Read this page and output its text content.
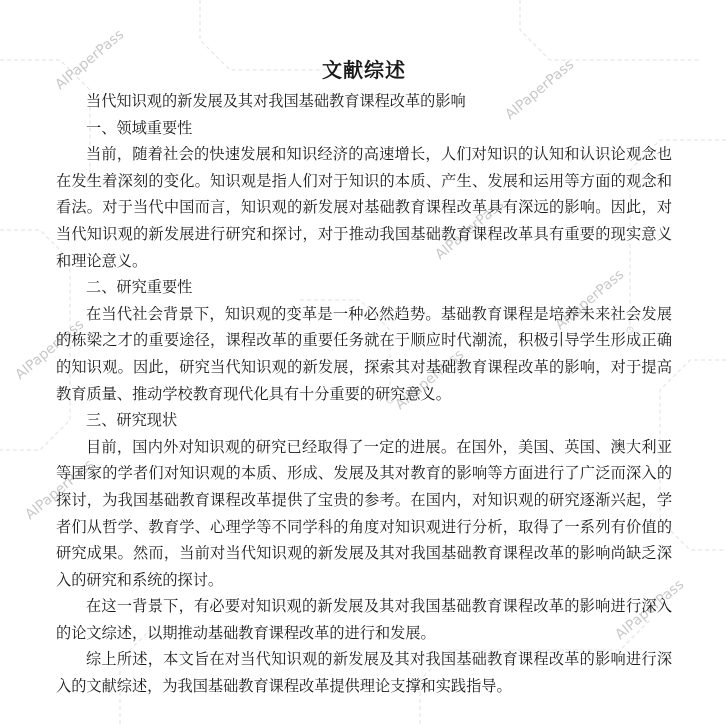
AIPaperPass
AIPaperPass
AIPaperPass
AIPaperPass
AIPaperPass
AIPaperPass
AIPaperPass
AIPaperPass	文献综述
当代知识观的新发展及其对我国基础教育课程改革的影响
一、领域重要性

当前，随着社会的快速发展和知识经济的高速增长，人们对知识的认知和认识论观念也在发生着深刻的变化。知识观是指人们对于知识的本质、产生、发展和运用等方面的观念和看法。对于当代中国而言，知识观的新发展对基础教育课程改革具有深远的影响。因此，对当代知识观的新发展进行研究和探讨，对于推动我国基础教育课程改革具有重要的现实意义和理论意义。

二、研究重要性

在当代社会背景下，知识观的变革是一种必然趋势。基础教育课程是培养未来社会发展的栋梁之才的重要途径，课程改革的重要任务就在于顺应时代潮流，积极引导学生形成正确的知识观。因此，研究当代知识观的新发展，探索其对基础教育课程改革的影响，对于提高教育质量、推动学校教育现代化具有十分重要的研究意义。

三、研究现状

目前，国内外对知识观的研究已经取得了一定的进展。在国外，美国、英国、澳大利亚等国家的学者们对知识观的本质、形成、发展及其对教育的影响等方面进行了广泛而深入的探讨，为我国基础教育课程改革提供了宝贵的参考。在国内，对知识观的研究逐渐兴起，学者们从哲学、教育学、心理学等不同学科的角度对知识观进行分析，取得了一系列有价值的研究成果。然而，当前对当代知识观的新发展及其对我国基础教育课程改革的影响尚缺乏深入的研究和系统的探讨。

在这一背景下，有必要对知识观的新发展及其对我国基础教育课程改革的影响进行深入的论文综述，以期推动基础教育课程改革的进行和发展。

综上所述，本文旨在对当代知识观的新发展及其对我国基础教育课程改革的影响进行深入的文献综述，为我国基础教育课程改革提供理论支撑和实践指导。
